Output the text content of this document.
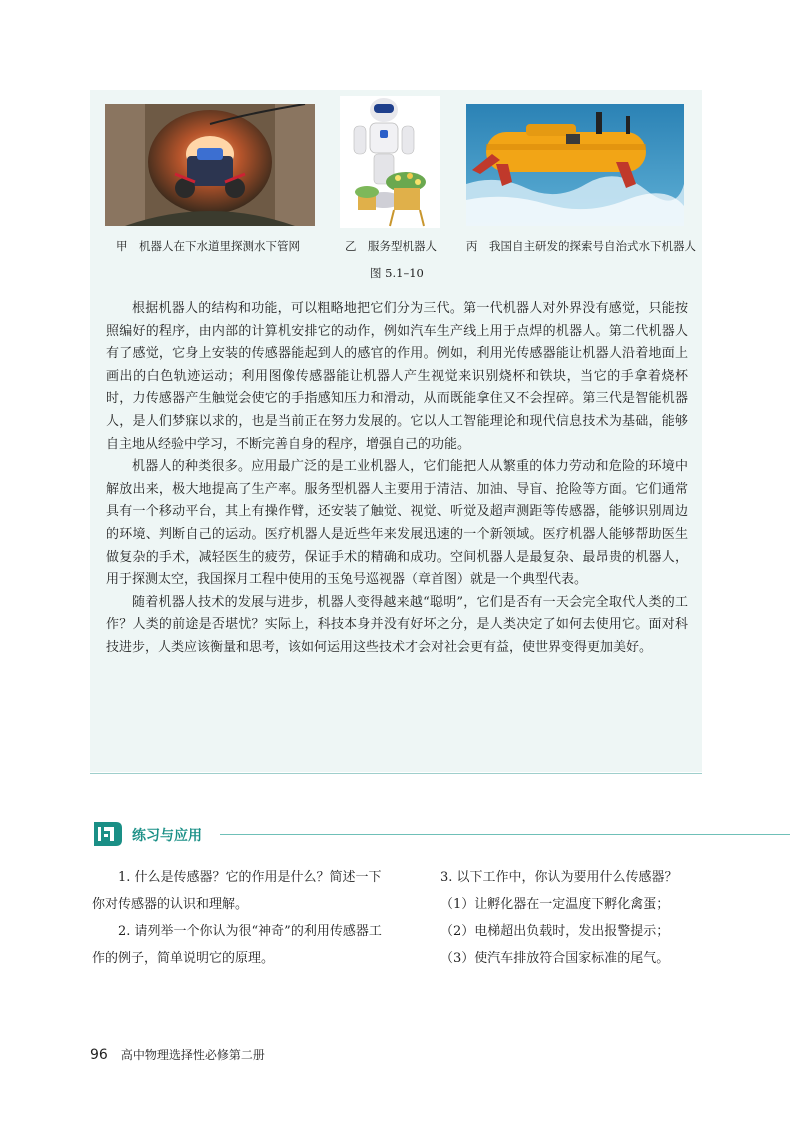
甲　机器人在下水道里探测水下管网	乙　服务型机器人	丙　我国自主研发的探索号自治式水下机器人
图 5.1–10

根据机器人的结构和功能，可以粗略地把它们分为三代。第一代机器人对外界没有感觉，只能按照编好的程序，由内部的计算机安排它的动作，例如汽车生产线上用于点焊的机器人。第二代机器人有了感觉，它身上安装的传感器能起到人的感官的作用。例如，利用光传感器能让机器人沿着地面上画出的白色轨迹运动；利用图像传感器能让机器人产生视觉来识别烧杯和铁块，当它的手拿着烧杯时，力传感器产生触觉会使它的手指感知压力和滑动，从而既能拿住又不会捏碎。第三代是智能机器人，是人们梦寐以求的，也是当前正在努力发展的。它以人工智能理论和现代信息技术为基础，能够自主地从经验中学习，不断完善自身的程序，增强自己的功能。

机器人的种类很多。应用最广泛的是工业机器人，它们能把人从繁重的体力劳动和危险的环境中解放出来，极大地提高了生产率。服务型机器人主要用于清洁、加油、导盲、抢险等方面。它们通常具有一个移动平台，其上有操作臂，还安装了触觉、视觉、听觉及超声测距等传感器，能够识别周边的环境、判断自己的运动。医疗机器人是近些年来发展迅速的一个新领域。医疗机器人能够帮助医生做复杂的手术，减轻医生的疲劳，保证手术的精确和成功。空间机器人是最复杂、最昂贵的机器人，用于探测太空，我国探月工程中使用的玉兔号巡视器（章首图）就是一个典型代表。

随着机器人技术的发展与进步，机器人变得越来越“聪明”，它们是否有一天会完全取代人类的工作？人类的前途是否堪忧？实际上，科技本身并没有好坏之分，是人类决定了如何去使用它。面对科技进步，人类应该衡量和思考，该如何运用这些技术才会对社会更有益，使世界变得更加美好。

练习与应用
1. 什么是传感器？它的作用是什么？简述一下你对传感器的认识和理解。
2. 请列举一个你认为很“神奇”的利用传感器工作的例子，简单说明它的原理。
3. 以下工作中，你认为要用什么传感器？
（1）让孵化器在一定温度下孵化禽蛋；
（2）电梯超出负载时，发出报警提示；
（3）使汽车排放符合国家标准的尾气。
96 高中物理选择性必修第二册
